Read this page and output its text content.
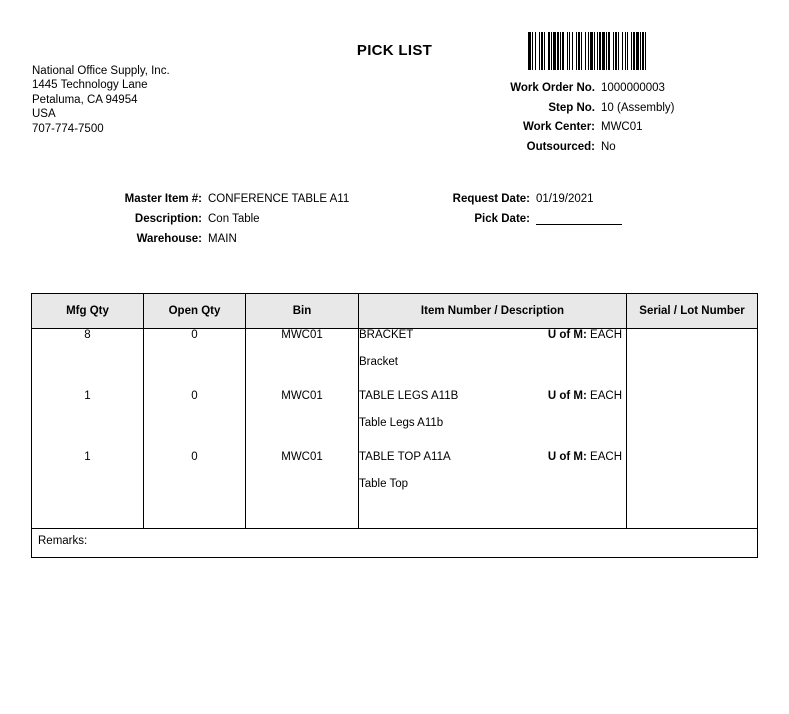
PICK LIST
National Office Supply, Inc.
1445 Technology Lane
Petaluma, CA 94954
USA
707-774-7500
Work Order No. 1000000003
Step No. 10 (Assembly)
Work Center: MWC01
Outsourced: No
Master Item #: CONFERENCE TABLE A11
Description: Con Table
Warehouse: MAIN
Request Date: 01/19/2021
Pick Date:
Mfg Qty	Open Qty	Bin	Item Number / Description	Serial / Lot Number
8	0	MWC01	BRACKET U of M: EACH
Bracket	

1	0	MWC01	TABLE LEGS A11B U of M: EACH
Table Legs A11b	

1	0	MWC01	TABLE TOP A11A U of M: EACH
Table Top	

Remarks:				
